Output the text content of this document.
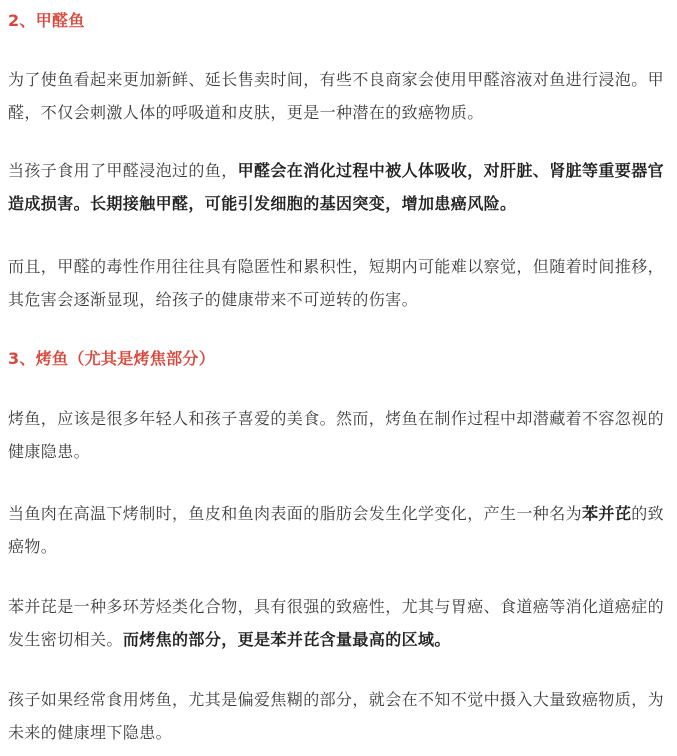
2、甲醛鱼

为了使鱼看起来更加新鲜、延长售卖时间，有些不良商家会使用甲醛溶液对鱼进行浸泡。甲醛，不仅会刺激人体的呼吸道和皮肤，更是一种潜在的致癌物质。

当孩子食用了甲醛浸泡过的鱼，甲醛会在消化过程中被人体吸收，对肝脏、肾脏等重要器官造成损害。长期接触甲醛，可能引发细胞的基因突变，增加患癌风险。

而且，甲醛的毒性作用往往具有隐匿性和累积性，短期内可能难以察觉，但随着时间推移，其危害会逐渐显现，给孩子的健康带来不可逆转的伤害。

3、烤鱼（尤其是烤焦部分）

烤鱼，应该是很多年轻人和孩子喜爱的美食。然而，烤鱼在制作过程中却潜藏着不容忽视的健康隐患。

当鱼肉在高温下烤制时，鱼皮和鱼肉表面的脂肪会发生化学变化，产生一种名为苯并芘的致癌物。

苯并芘是一种多环芳烃类化合物，具有很强的致癌性，尤其与胃癌、食道癌等消化道癌症的发生密切相关。而烤焦的部分，更是苯并芘含量最高的区域。

孩子如果经常食用烤鱼，尤其是偏爱焦糊的部分，就会在不知不觉中摄入大量致癌物质，为未来的健康埋下隐患。
